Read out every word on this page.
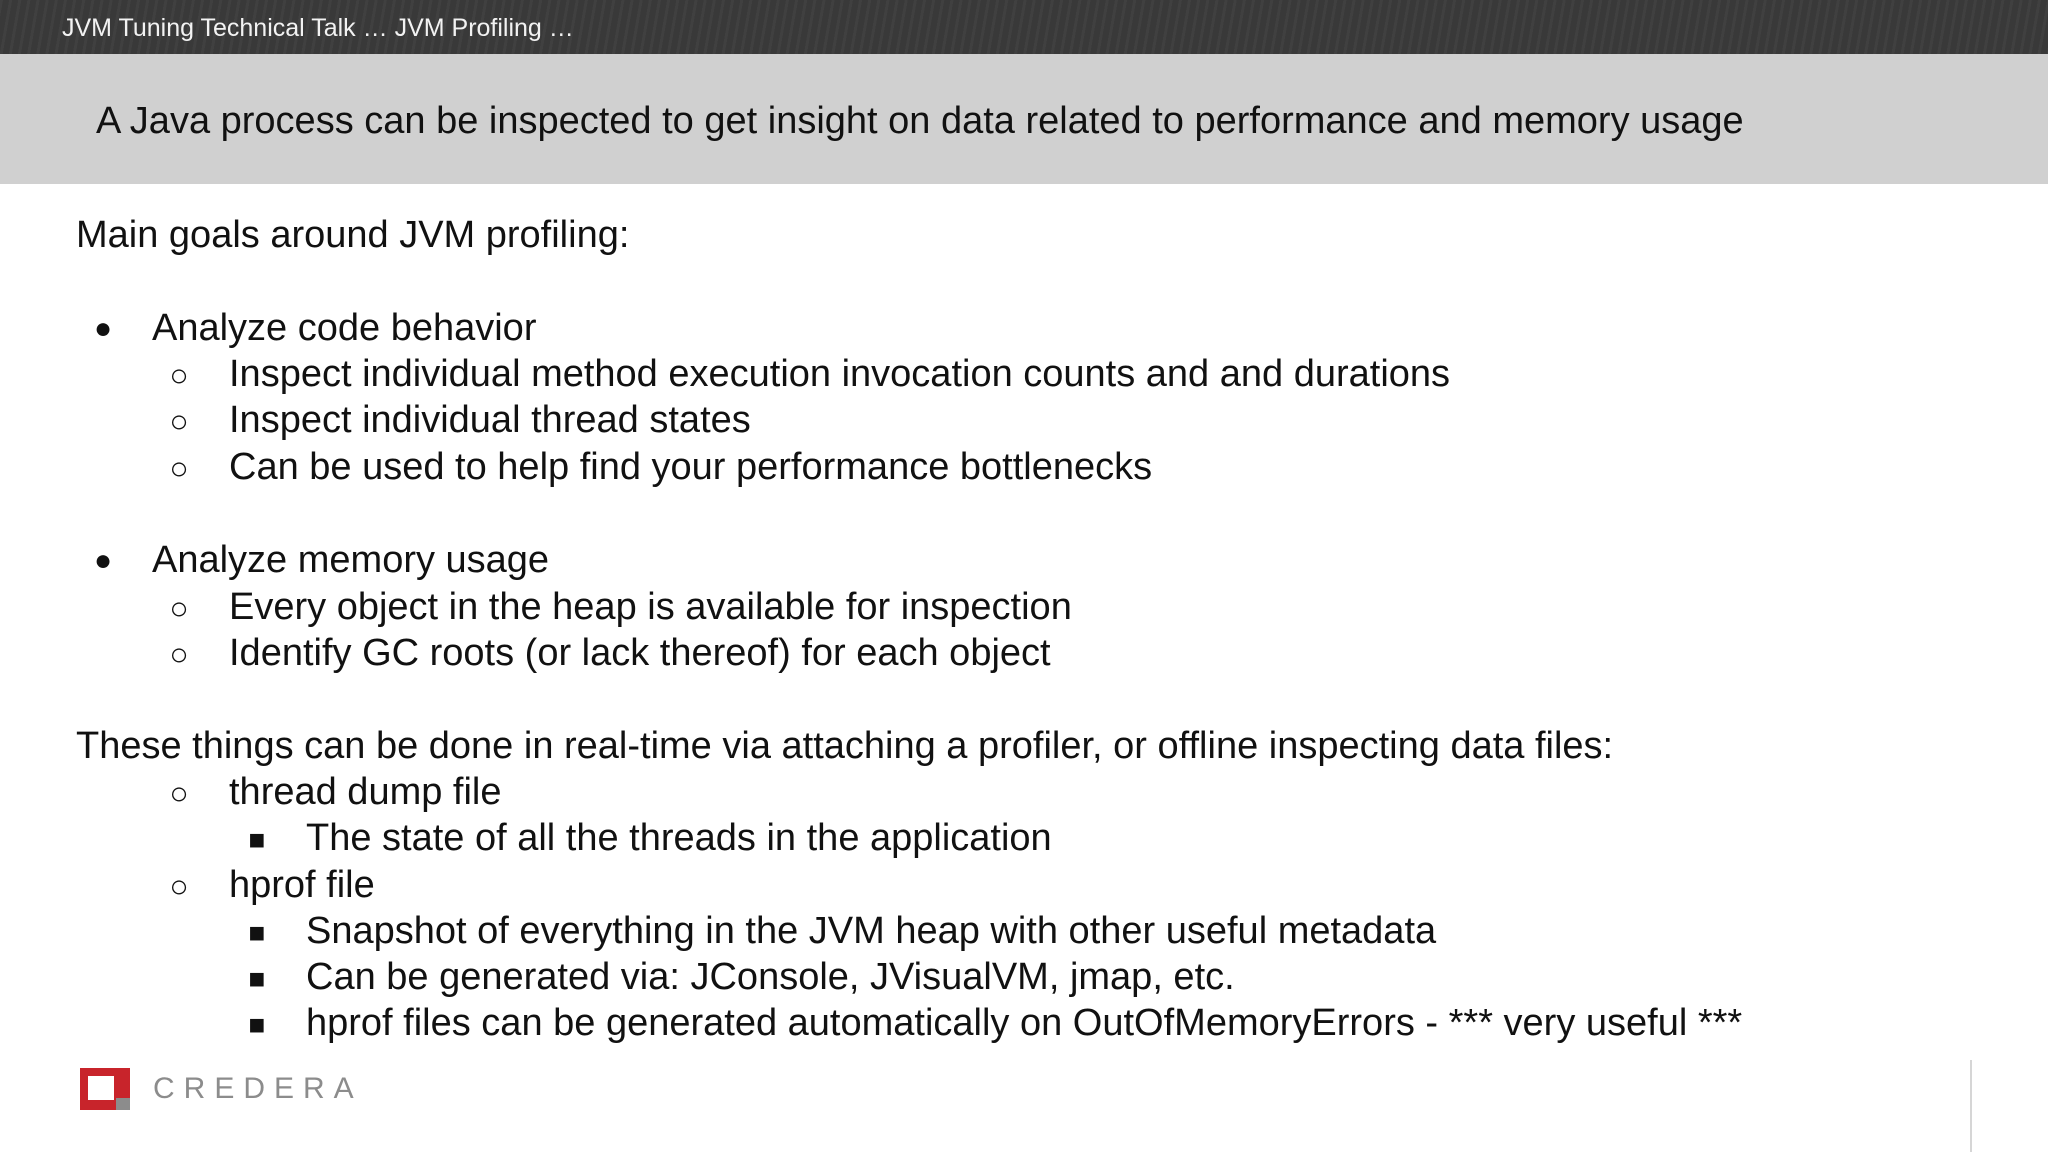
JVM Tuning Technical Talk … JVM Profiling …
A Java process can be inspected to get insight on data related to performance and memory usage
Main goals around JVM profiling:
● Analyze code behavior
○ Inspect individual method execution invocation counts and and durations
○ Inspect individual thread states
○ Can be used to help find your performance bottlenecks
● Analyze memory usage
○ Every object in the heap is available for inspection
○ Identify GC roots (or lack thereof) for each object
These things can be done in real-time via attaching a profiler, or offline inspecting data files:
○ thread dump file
■ The state of all the threads in the application
○ hprof file
■ Snapshot of everything in the JVM heap with other useful metadata
■ Can be generated via: JConsole, JVisualVM, jmap, etc.
■ hprof files can be generated automatically on OutOfMemoryErrors - *** very useful ***
CREDERA
